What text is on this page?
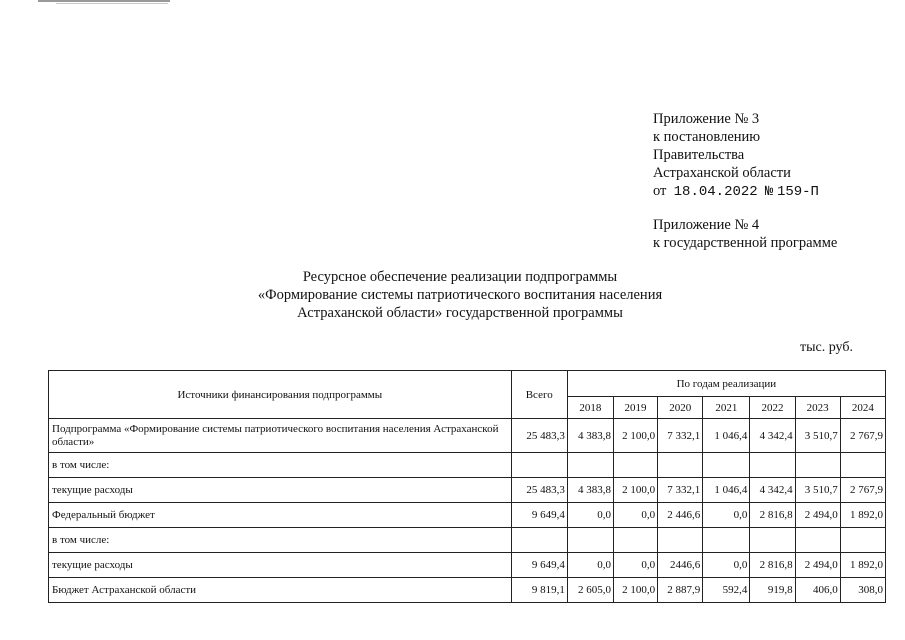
Приложение № 3
к постановлению
Правительства
Астраханской области
от 18.04.2022 № 159-П
Приложение № 4
к государственной программе
Ресурсное обеспечение реализации подпрограммы
«Формирование системы патриотического воспитания населения
Астраханской области» государственной программы
тыс. руб.
Источники финансирования подпрограммы	Всего	По годам реализации						
		2018	2019	2020	2021	2022	2023	2024
Подпрограмма «Формирование системы патриотического воспитания населения Астраханской области»	25 483,3	4 383,8	2 100,0	7 332,1	1 046,4	4 342,4	3 510,7	2 767,9
в том числе:								
текущие расходы	25 483,3	4 383,8	2 100,0	7 332,1	1 046,4	4 342,4	3 510,7	2 767,9
Федеральный бюджет	9 649,4	0,0	0,0	2 446,6	0,0	2 816,8	2 494,0	1 892,0
в том числе:								
текущие расходы	9 649,4	0,0	0,0	2446,6	0,0	2 816,8	2 494,0	1 892,0
Бюджет Астраханской области	9 819,1	2 605,0	2 100,0	2 887,9	592,4	919,8	406,0	308,0
